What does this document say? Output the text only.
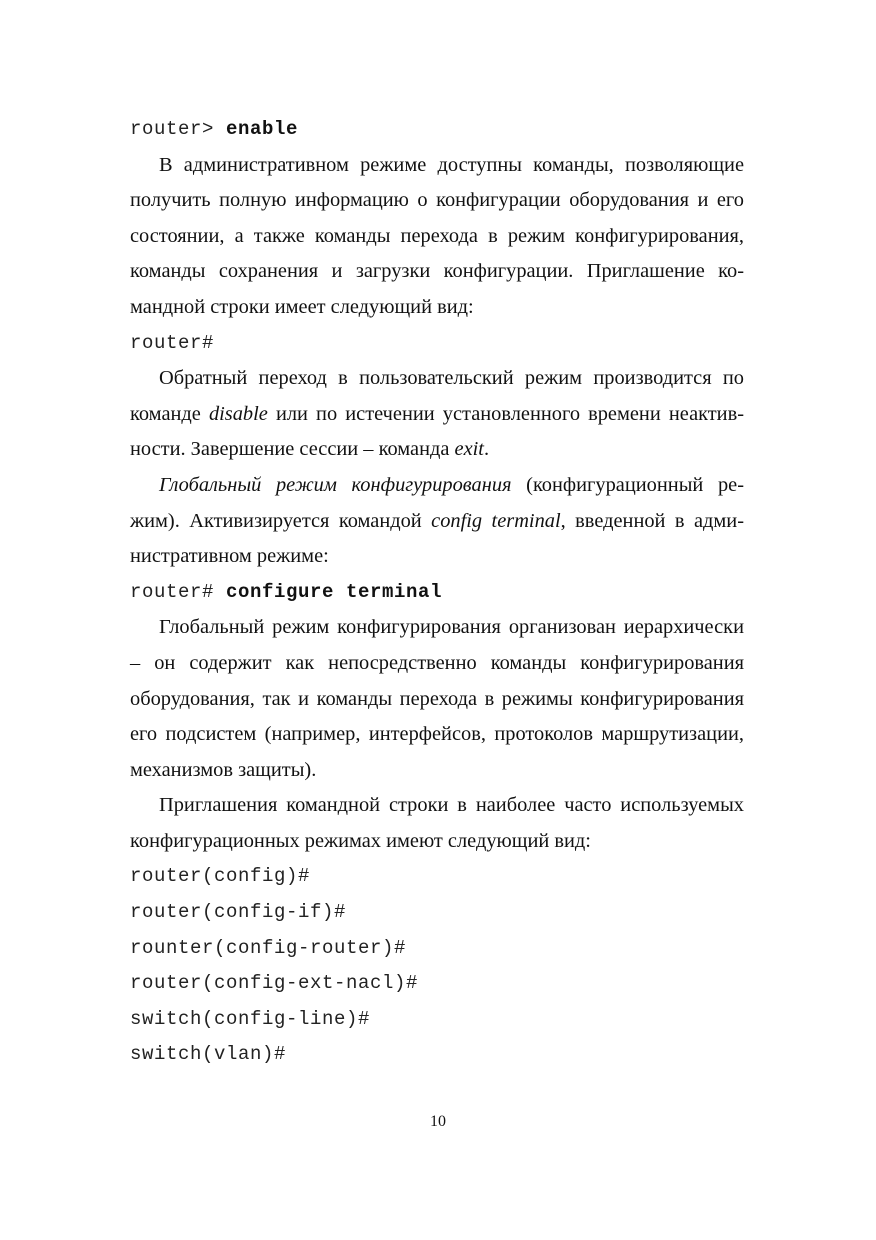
router> enable

В административном режиме доступны команды, позволяющие получить полную информацию о конфигурации оборудования и его состоянии, а также команды перехода в режим конфигурирования, команды сохранения и загрузки конфигурации. Приглашение командной строки имеет следующий вид:

router#

Обратный переход в пользовательский режим производится по команде disable или по истечении установленного времени неактивности. Завершение сессии – команда exit.

Глобальный режим конфигурирования (конфигурационный режим). Активизируется командой config terminal, введенной в административном режиме:

router# configure terminal

Глобальный режим конфигурирования организован иерархически – он содержит как непосредственно команды конфигурирования оборудования, так и команды перехода в режимы конфигурирования его подсистем (например, интерфейсов, протоколов маршрутизации, механизмов защиты).

Приглашения командной строки в наиболее часто используемых конфигурационных режимах имеют следующий вид:

router(config)#
router(config-if)#
rounter(config-router)#
router(config-ext-nacl)#
switch(config-line)#
switch(vlan)#
10
